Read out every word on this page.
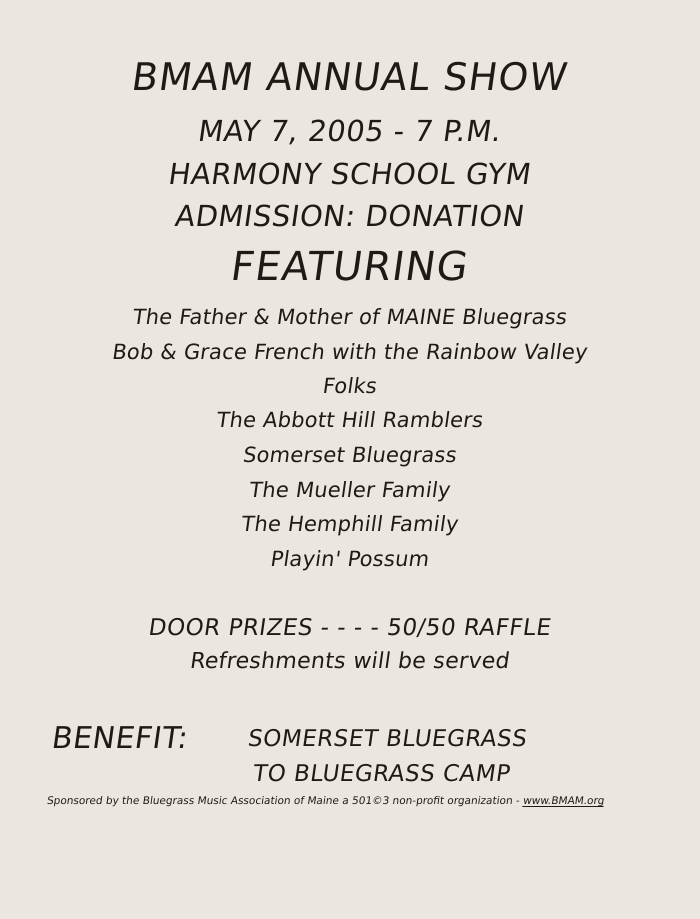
BMAM ANNUAL SHOW
MAY 7, 2005 - 7 P.M.
HARMONY SCHOOL GYM
ADMISSION: DONATION
FEATURING
The Father & Mother of MAINE Bluegrass
Bob & Grace French with the Rainbow Valley
Folks
The Abbott Hill Ramblers
Somerset Bluegrass
The Mueller Family
The Hemphill Family
Playin' Possum
DOOR PRIZES - - - - 50/50 RAFFLE
Refreshments will be served
BENEFIT: SOMERSET BLUEGRASS
TO BLUEGRASS CAMP
Sponsored by the Bluegrass Music Association of Maine a 501©3 non-profit organization - www.BMAM.org
